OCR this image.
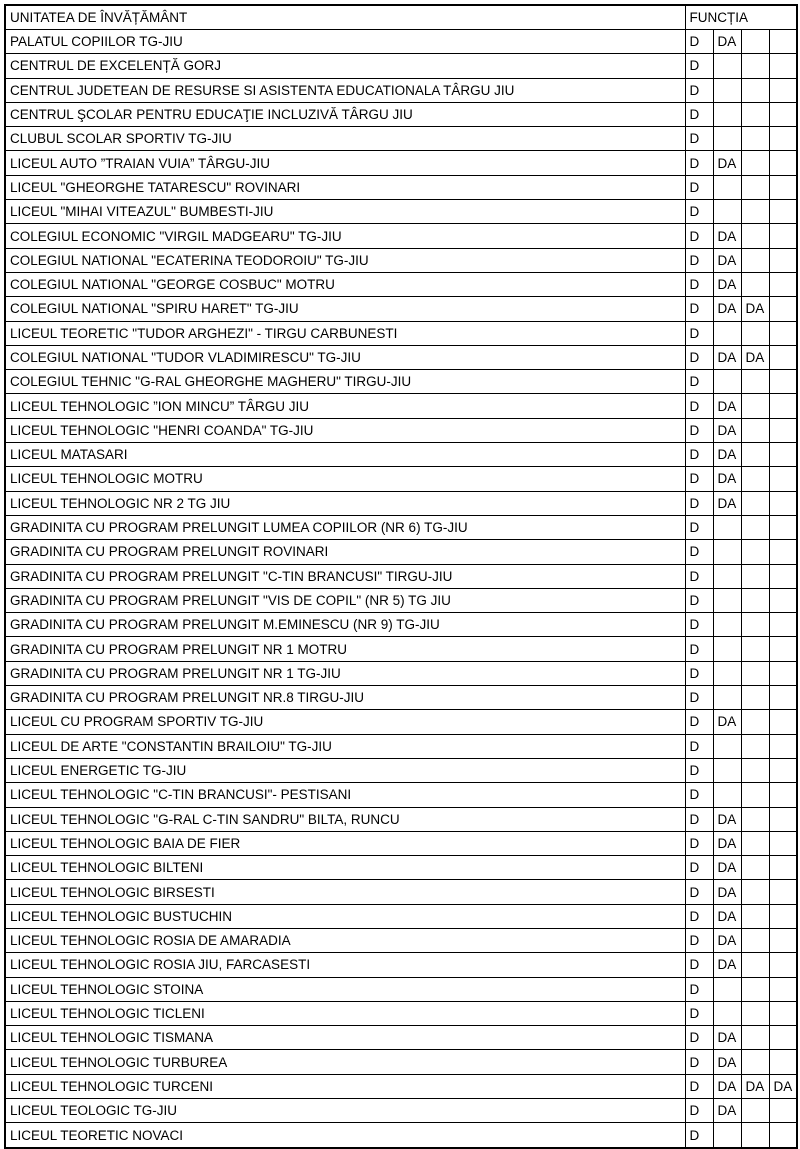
UNITATEA DE ÎNVĂȚĂMÂNT	FUNCȚIA			
PALATUL COPIILOR TG-JIU	D	DA		
CENTRUL DE EXCELENȚĂ GORJ	D			
CENTRUL JUDETEAN DE RESURSE SI ASISTENTA EDUCATIONALA TÂRGU JIU	D			
CENTRUL ŞCOLAR PENTRU EDUCAŢIE INCLUZIVĂ TÂRGU JIU	D			
CLUBUL SCOLAR SPORTIV TG-JIU	D			
LICEUL AUTO ”TRAIAN VUIA” TÂRGU-JIU	D	DA		
LICEUL "GHEORGHE TATARESCU" ROVINARI	D			
LICEUL "MIHAI VITEAZUL" BUMBESTI-JIU	D			
COLEGIUL ECONOMIC "VIRGIL MADGEARU" TG-JIU	D	DA		
COLEGIUL NATIONAL "ECATERINA TEODOROIU" TG-JIU	D	DA		
COLEGIUL NATIONAL "GEORGE COSBUC" MOTRU	D	DA		
COLEGIUL NATIONAL "SPIRU HARET" TG-JIU	D	DA	DA	
LICEUL TEORETIC "TUDOR ARGHEZI" - TIRGU CARBUNESTI	D			
COLEGIUL NATIONAL "TUDOR VLADIMIRESCU" TG-JIU	D	DA	DA	
COLEGIUL TEHNIC "G-RAL GHEORGHE MAGHERU" TIRGU-JIU	D			
LICEUL TEHNOLOGIC ”ION MINCU” TÂRGU JIU	D	DA		
LICEUL TEHNOLOGIC "HENRI COANDA" TG-JIU	D	DA		
LICEUL MATASARI	D	DA		
LICEUL TEHNOLOGIC MOTRU	D	DA		
LICEUL TEHNOLOGIC NR 2 TG JIU	D	DA		
GRADINITA CU PROGRAM PRELUNGIT LUMEA COPIILOR (NR 6) TG-JIU	D			
GRADINITA CU PROGRAM PRELUNGIT ROVINARI	D			
GRADINITA CU PROGRAM PRELUNGIT "C-TIN BRANCUSI" TIRGU-JIU	D			
GRADINITA CU PROGRAM PRELUNGIT "VIS DE COPIL" (NR 5) TG JIU	D			
GRADINITA CU PROGRAM PRELUNGIT M.EMINESCU (NR 9) TG-JIU	D			
GRADINITA CU PROGRAM PRELUNGIT NR 1 MOTRU	D			
GRADINITA CU PROGRAM PRELUNGIT NR 1 TG-JIU	D			
GRADINITA CU PROGRAM PRELUNGIT NR.8 TIRGU-JIU	D			
LICEUL CU PROGRAM SPORTIV TG-JIU	D	DA		
LICEUL DE ARTE "CONSTANTIN BRAILOIU" TG-JIU	D			
LICEUL ENERGETIC TG-JIU	D			
LICEUL TEHNOLOGIC "C-TIN BRANCUSI"- PESTISANI	D			
LICEUL TEHNOLOGIC "G-RAL C-TIN SANDRU" BILTA, RUNCU	D	DA		
LICEUL TEHNOLOGIC BAIA DE FIER	D	DA		
LICEUL TEHNOLOGIC BILTENI	D	DA		
LICEUL TEHNOLOGIC BIRSESTI	D	DA		
LICEUL TEHNOLOGIC BUSTUCHIN	D	DA		
LICEUL TEHNOLOGIC ROSIA DE AMARADIA	D	DA		
LICEUL TEHNOLOGIC ROSIA JIU, FARCASESTI	D	DA		
LICEUL TEHNOLOGIC STOINA	D			
LICEUL TEHNOLOGIC TICLENI	D			
LICEUL TEHNOLOGIC TISMANA	D	DA		
LICEUL TEHNOLOGIC TURBUREA	D	DA		
LICEUL TEHNOLOGIC TURCENI	D	DA	DA	DA
LICEUL TEOLOGIC TG-JIU	D	DA		
LICEUL TEORETIC NOVACI	D			
